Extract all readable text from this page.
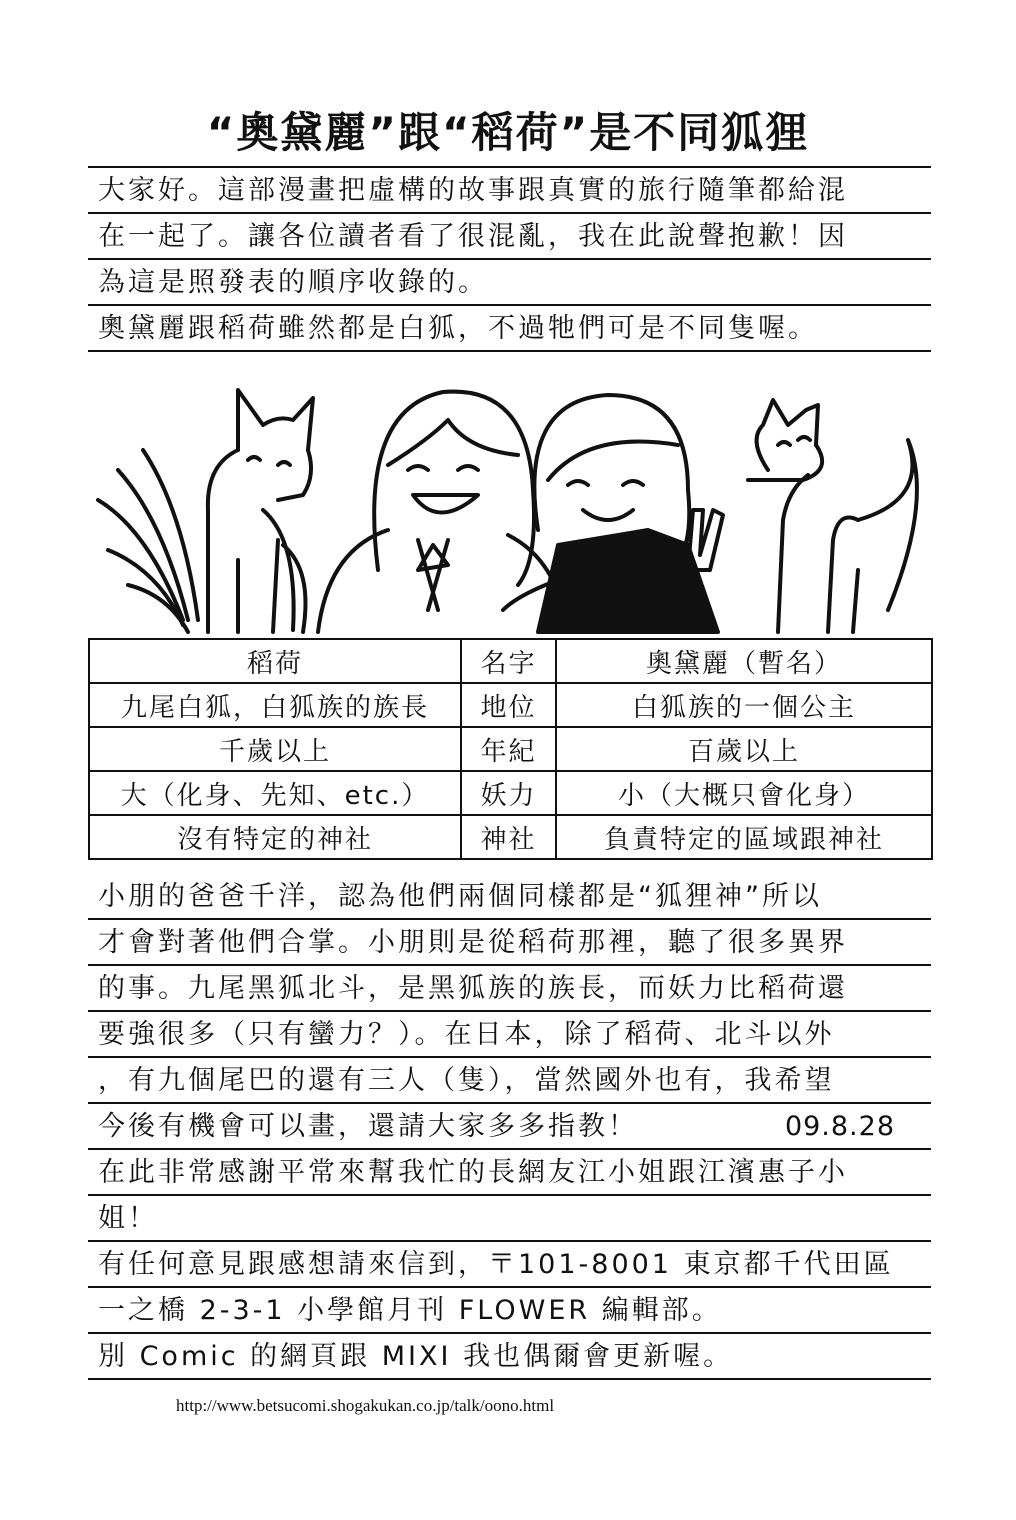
“奧黛麗”跟“稻荷”是不同狐狸
大家好。這部漫畫把虛構的故事跟真實的旅行隨筆都給混
在一起了。讓各位讀者看了很混亂，我在此說聲抱歉！因
為這是照發表的順序收錄的。
奧黛麗跟稻荷雖然都是白狐，不過牠們可是不同隻喔。
稻荷	名字	奧黛麗（暫名）
九尾白狐，白狐族的族長	地位	白狐族的一個公主
千歲以上	年紀	百歲以上
大（化身、先知、etc.）	妖力	小（大概只會化身）
沒有特定的神社	神社	負責特定的區域跟神社
小朋的爸爸千洋，認為他們兩個同樣都是“狐狸神”所以
才會對著他們合掌。小朋則是從稻荷那裡，聽了很多異界
的事。九尾黑狐北斗，是黑狐族的族長，而妖力比稻荷還
要強很多（只有蠻力？）。在日本，除了稻荷、北斗以外
，有九個尾巴的還有三人（隻），當然國外也有，我希望
今後有機會可以畫，還請大家多多指教！	09.8.28
在此非常感謝平常來幫我忙的長網友江小姐跟江濱惠子小
姐！
有任何意見跟感想請來信到，〒101-8001 東京都千代田區
一之橋 2-3-1 小學館月刊 FLOWER 編輯部。
別 Comic 的網頁跟 MIXI 我也偶爾會更新喔。
http://www.betsucomi.shogakukan.co.jp/talk/oono.html
